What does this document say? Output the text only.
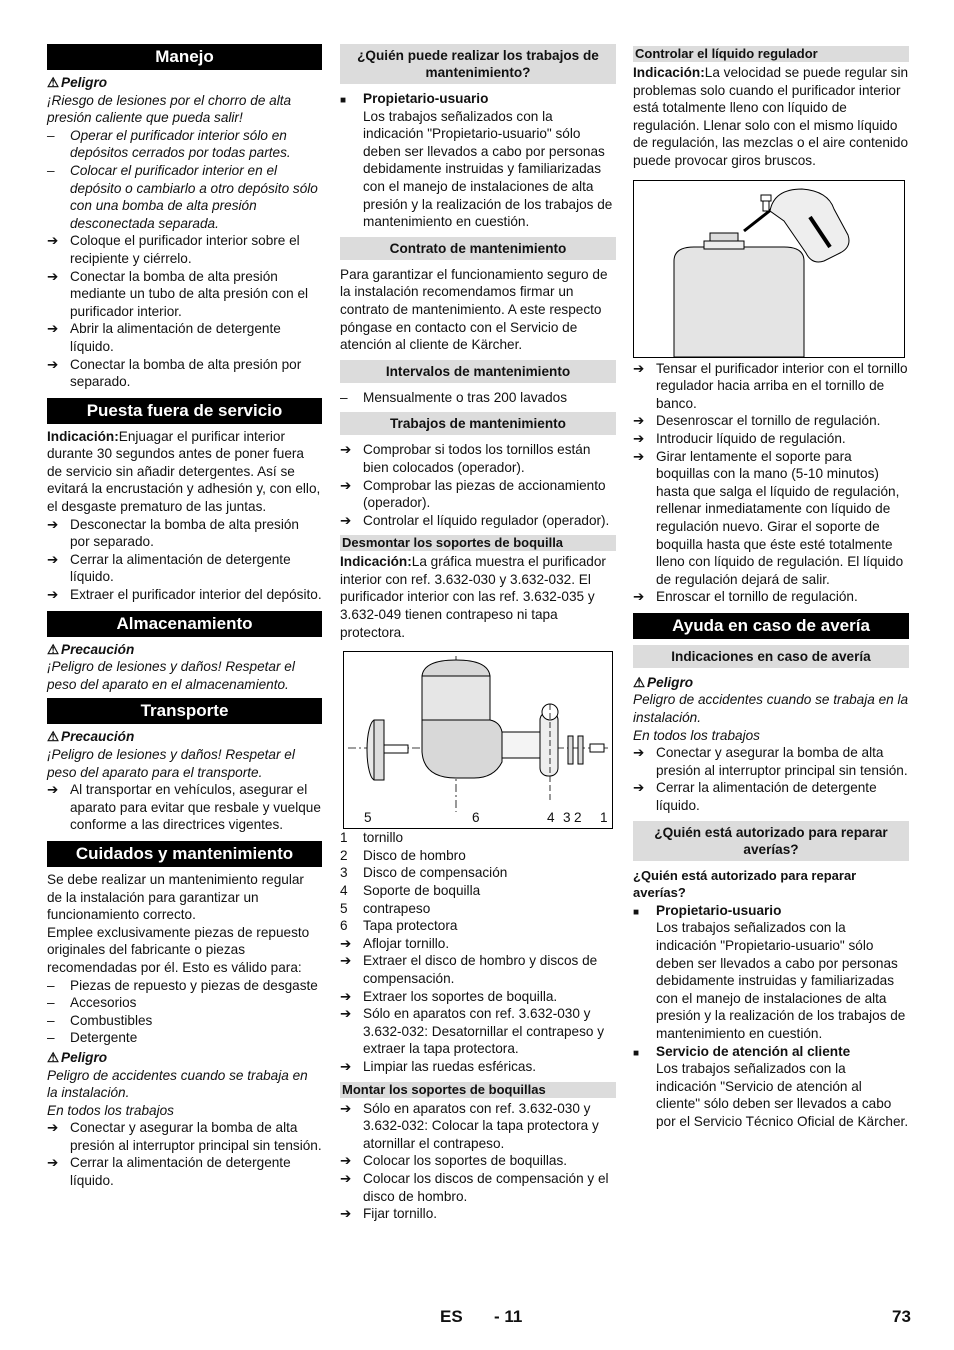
Manejo
⚠ Peligro

¡Riesgo de lesiones por el chorro de alta presión caliente que pueda salir!

–
Operar el purificador interior sólo en depósitos cerrados por todas partes.

–
Colocar el purificador interior en el depósito o cambiarlo a otro depósito sólo con una bomba de alta presión desconectada separada.

➔
Coloque el purificador interior sobre el recipiente y ciérrelo.

➔
Conectar la bomba de alta presión mediante un tubo de alta presión con el purificador interior.

➔
Abrir la alimentación de detergente líquido.

➔
Conectar la bomba de alta presión por separado.

Puesta fuera de servicio

Indicación:Enjuagar el purificar interior durante 30 segundos antes de poner fuera de servicio sin añadir detergentes. Así se evitará la encrustación y adhesión y, con ello, el desgaste prematuro de las juntas.

➔
Desconectar la bomba de alta presión por separado.

➔
Cerrar la alimentación de detergente líquido.

➔
Extraer el purificador interior del depósito.

Almacenamiento
⚠ Precaución

¡Peligro de lesiones y daños! Respetar el peso del aparato en el almacenamiento.

Transporte
⚠ Precaución

¡Peligro de lesiones y daños! Respetar el peso del aparato para el transporte.

➔
Al transportar en vehículos, asegurar el aparato para evitar que resbale y vuelque conforme a las directrices vigentes.

Cuidados y mantenimiento

Se debe realizar un mantenimiento regular de la instalación para garantizar un funcionamiento correcto.

Emplee exclusivamente piezas de repuesto originales del fabricante o piezas recomendadas por él. Esto es válido para:

–
Piezas de repuesto y piezas de desgaste

–
Accesorios

–
Combustibles

–
Detergente

⚠ Peligro

Peligro de accidentes cuando se trabaja en la instalación.

En todos los trabajos

➔
Conectar y asegurar la bomba de alta presión al interruptor principal sin tensión.

➔
Cerrar la alimentación de detergente líquido.

¿Quién puede realizar los trabajos de mantenimiento?

■
Propietario-usuario

Los trabajos señalizados con la indicación "Propietario-usuario" sólo deben ser llevados a cabo por personas debidamente instruidas y familiarizadas con el manejo de instalaciones de alta presión y la realización de los trabajos de mantenimiento en cuestión.

Contrato de mantenimiento

Para garantizar el funcionamiento seguro de la instalación recomendamos firmar un contrato de mantenimiento. A este respecto póngase en contacto con el Servicio de atención al cliente de Kärcher.

Intervalos de mantenimiento

–
Mensualmente o tras 200 lavados

Trabajos de mantenimiento

➔
Comprobar si todos los tornillos están bien colocados (operador).

➔
Comprobar las piezas de accionamiento (operador).

➔
Controlar el líquido regulador (operador).

Desmontar los soportes de boquilla

Indicación:La gráfica muestra el purificador interior con ref. 3.632-030 y 3.632-032. El purificador interior con las ref. 3.632-035 y 3.632-049 tienen contrapeso ni tapa protectora.

5	6	4 3 2 1

1	tornillo

2	Disco de hombro

3	Disco de compensación

4	Soporte de boquilla

5	contrapeso

6	Tapa protectora

➔
Aflojar tornillo.

➔
Extraer el disco de hombro y discos de compensación.

➔
Extraer los soportes de boquilla.

➔
Sólo en aparatos con ref. 3.632-030 y 3.632-032: Desatornillar el contrapeso y extraer la tapa protectora.

➔
Limpiar las ruedas esféricas.

Montar los soportes de boquillas

➔
Sólo en aparatos con ref. 3.632-030 y 3.632-032: Colocar la tapa protectora y atornillar el contrapeso.

➔
Colocar los soportes de boquillas.

➔
Colocar los discos de compensación y el disco de hombro.

➔
Fijar tornillo.

Controlar el líquido regulador

Indicación:La velocidad se puede regular sin problemas solo cuando el purificador interior está totalmente lleno con líquido de regulación. Llenar solo con el mismo líquido de regulación, las mezclas o el aire contenido puede provocar giros bruscos.

➔
Tensar el purificador interior con el tornillo regulador hacia arriba en el tornillo de banco.

➔
Desenroscar el tornillo de regulación.

➔
Introducir líquido de regulación.

➔
Girar lentamente el soporte para boquillas con la mano (5-10 minutos) hasta que salga el líquido de regulación, rellenar inmediatamente con líquido de regulación nuevo. Girar el soporte de boquilla hasta que éste esté totalmente lleno con líquido de regulación. El líquido de regulación dejará de salir.

➔
Enroscar el tornillo de regulación.

Ayuda en caso de avería
Indicaciones en caso de avería
⚠ Peligro

Peligro de accidentes cuando se trabaja en la instalación.

En todos los trabajos

➔
Conectar y asegurar la bomba de alta presión al interruptor principal sin tensión.

➔
Cerrar la alimentación de detergente líquido.

¿Quién está autorizado para reparar averías?

¿Quién está autorizado para reparar averías?

■
Propietario-usuario

Los trabajos señalizados con la indicación "Propietario-usuario" sólo deben ser llevados a cabo por personas debidamente instruidas y familiarizadas con el manejo de instalaciones de alta presión y la realización de los trabajos de mantenimiento en cuestión.

■
Servicio de atención al cliente

Los trabajos señalizados con la indicación "Servicio de atención al cliente" sólo deben ser llevados a cabo por el Servicio Técnico Oficial de Kärcher.

ES - 11	73
